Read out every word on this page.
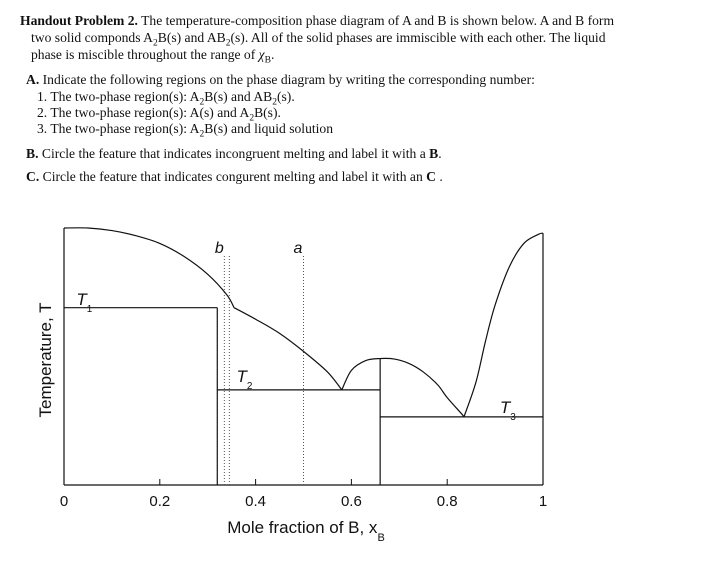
Handout Problem 2. The temperature-composition phase diagram of A and B is shown below. A and B form
two solid componds $A_2B(s)$ and $AB_2(s)$. All of the solid phases are immiscible with each other. The liquid
phase is miscible throughout the range of $\chi_B$.
A. Indicate the following regions on the phase diagram by writing the corresponding number:
1. The two-phase region(s): $A_2B(s)$ and $AB_2(s)$.
2. The two-phase region(s): A(s) and $A_2B(s)$.
3. The two-phase region(s): $A_2B(s)$ and liquid solution
B. Circle the feature that indicates incongruent melting and label it with a B.
C. Circle the feature that indicates congurent melting and label it with an C .
0	0.2	0.4	0.6	0.8	1
b	a
$T_1$
$T_2$
$T_3$
Temperature, T
Mole fraction of B, $x_B$
